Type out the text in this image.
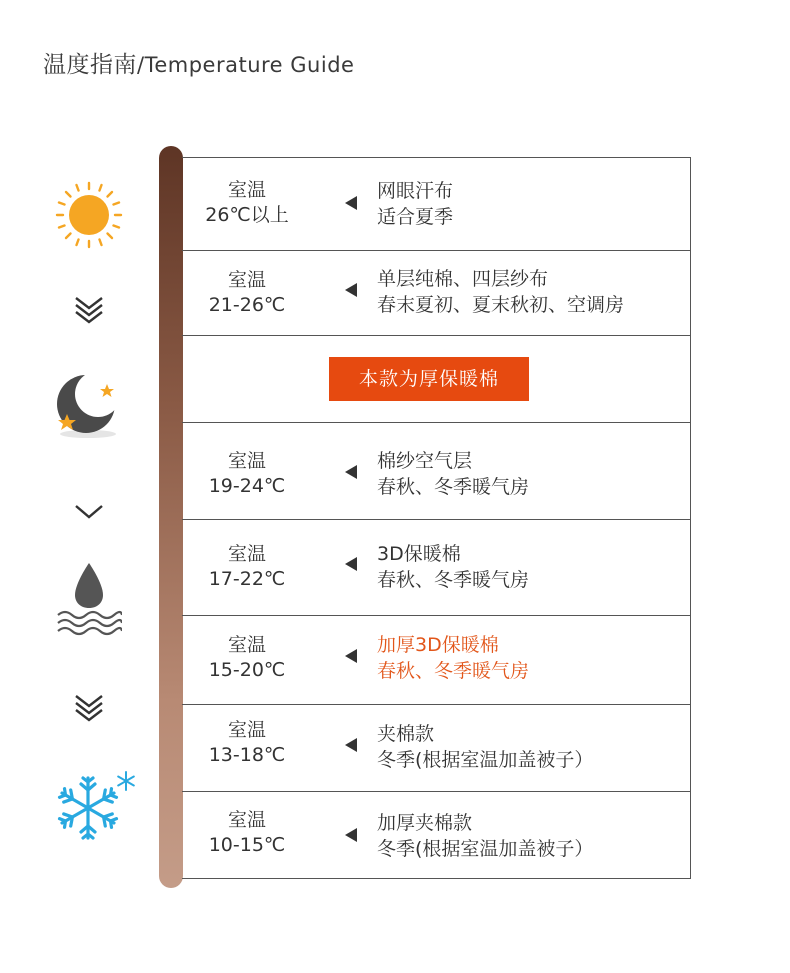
温度指南/Temperature Guide
室温
26℃以上
网眼汗布
适合夏季
室温
21-26℃
单层纯棉、四层纱布
春末夏初、夏末秋初、空调房
本款为厚保暖棉
室温
19-24℃
棉纱空气层
春秋、冬季暖气房
室温
17-22℃
3D保暖棉
春秋、冬季暖气房
室温
15-20℃
加厚3D保暖棉
春秋、冬季暖气房
室温
13-18℃
夹棉款
冬季(根据室温加盖被子）
室温
10-15℃
加厚夹棉款
冬季(根据室温加盖被子）
